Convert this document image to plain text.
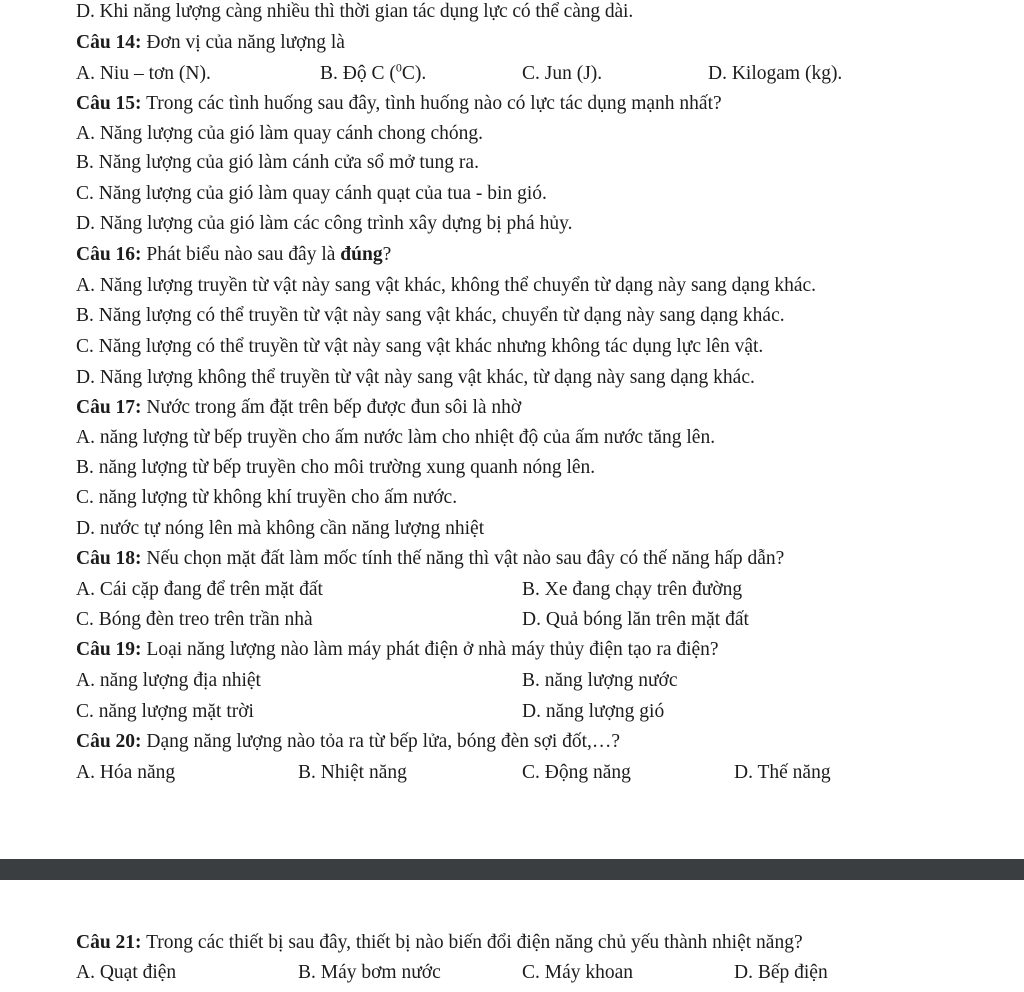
D. Khi năng lượng càng nhiều thì thời gian tác dụng lực có thể càng dài.
Câu 14: Đơn vị của năng lượng là
A. Niu – tơn (N).	B. Độ C ($^0$C).	C. Jun (J).	D. Kilogam (kg).
Câu 15: Trong các tình huống sau đây, tình huống nào có lực tác dụng mạnh nhất?
A. Năng lượng của gió làm quay cánh chong chóng.
B. Năng lượng của gió làm cánh cửa sổ mở tung ra.
C. Năng lượng của gió làm quay cánh quạt của tua - bin gió.
D. Năng lượng của gió làm các công trình xây dựng bị phá hủy.
Câu 16: Phát biểu nào sau đây là đúng?
A. Năng lượng truyền từ vật này sang vật khác, không thể chuyển từ dạng này sang dạng khác.
B. Năng lượng có thể truyền từ vật này sang vật khác, chuyển từ dạng này sang dạng khác.
C. Năng lượng có thể truyền từ vật này sang vật khác nhưng không tác dụng lực lên vật.
D. Năng lượng không thể truyền từ vật này sang vật khác, từ dạng này sang dạng khác.
Câu 17: Nước trong ấm đặt trên bếp được đun sôi là nhờ
A. năng lượng từ bếp truyền cho ấm nước làm cho nhiệt độ của ấm nước tăng lên.
B. năng lượng từ bếp truyền cho môi trường xung quanh nóng lên.
C. năng lượng từ không khí truyền cho ấm nước.
D. nước tự nóng lên mà không cần năng lượng nhiệt
Câu 18: Nếu chọn mặt đất làm mốc tính thế năng thì vật nào sau đây có thế năng hấp dẫn?
A. Cái cặp đang để trên mặt đất	B. Xe đang chạy trên đường
C. Bóng đèn treo trên trần nhà	D. Quả bóng lăn trên mặt đất
Câu 19: Loại năng lượng nào làm máy phát điện ở nhà máy thủy điện tạo ra điện?
A. năng lượng địa nhiệt	B. năng lượng nước
C. năng lượng mặt trời	D. năng lượng gió
Câu 20: Dạng năng lượng nào tỏa ra từ bếp lửa, bóng đèn sợi đốt,…?
A. Hóa năng	B. Nhiệt năng	C. Động năng	D. Thế năng
Câu 21: Trong các thiết bị sau đây, thiết bị nào biến đổi điện năng chủ yếu thành nhiệt năng?
A. Quạt điện	B. Máy bơm nước	C. Máy khoan	D. Bếp điện
